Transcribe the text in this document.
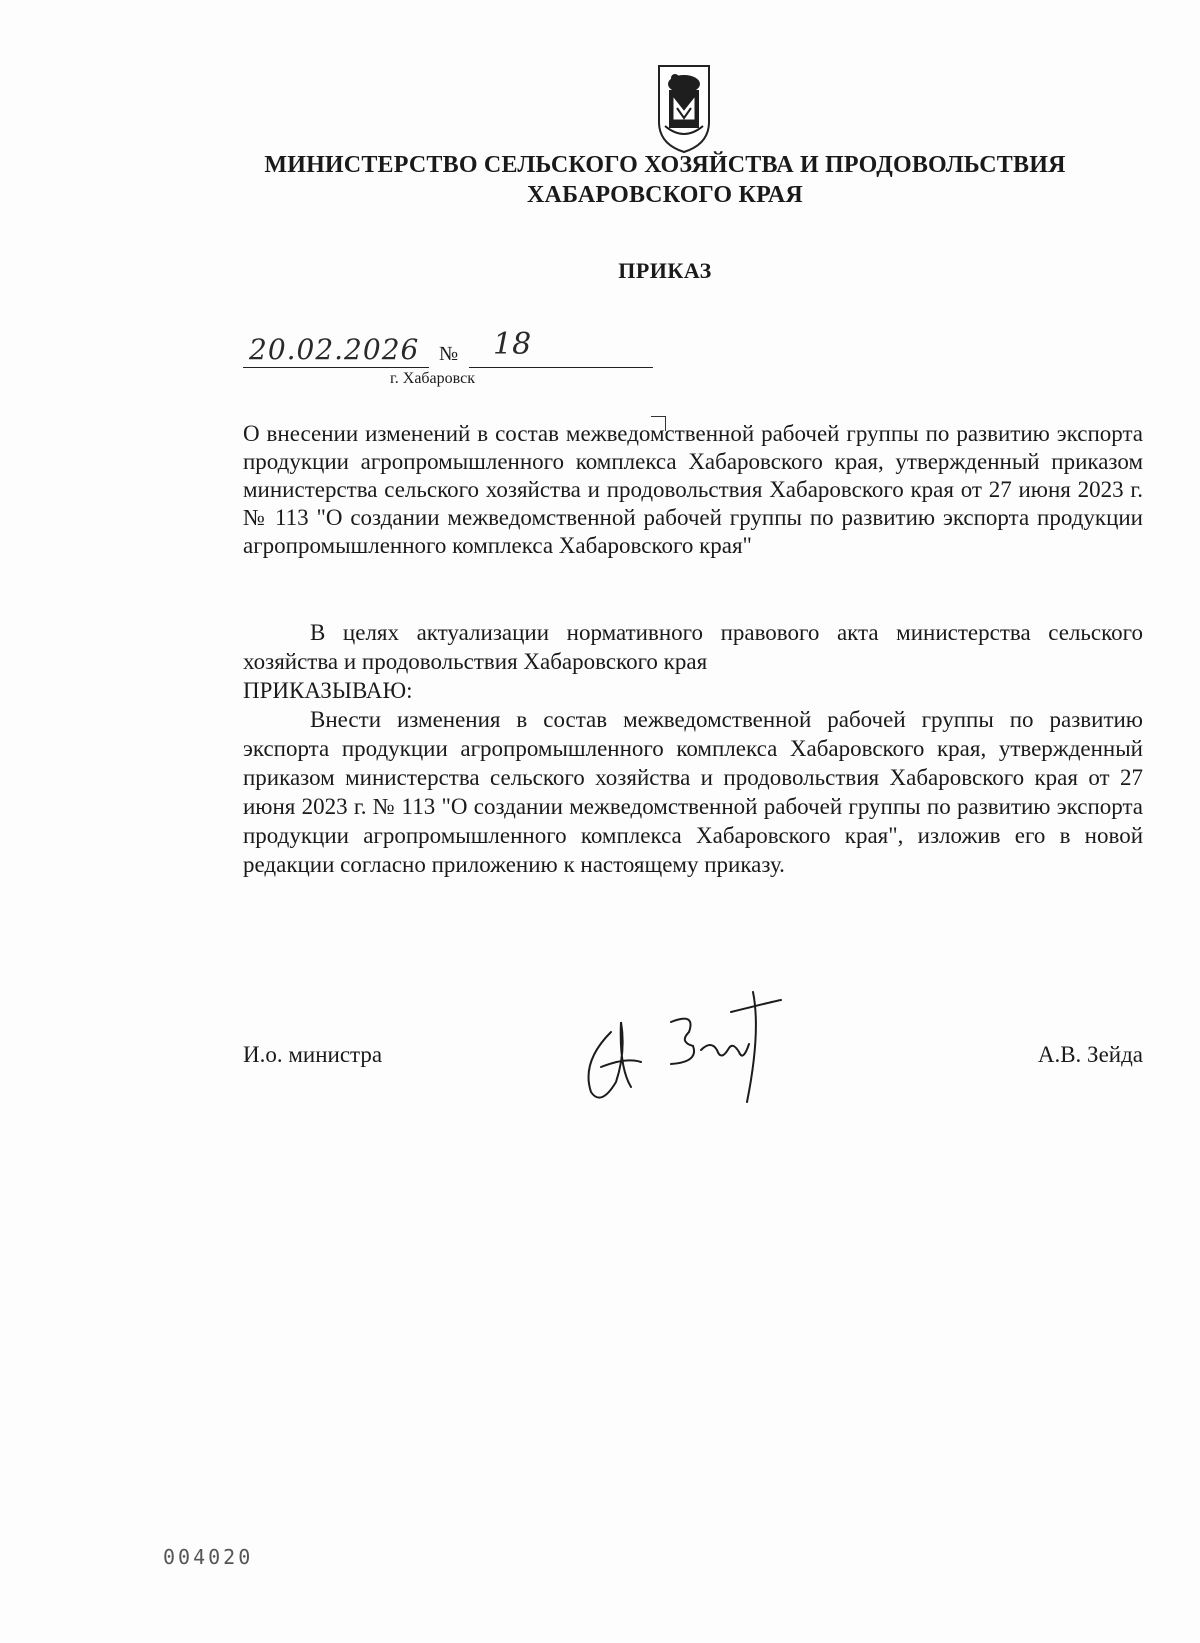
МИНИСТЕРСТВО СЕЛЬСКОГО ХОЗЯЙСТВА И ПРОДОВОЛЬСТВИЯ
ХАБАРОВСКОГО КРАЯ
ПРИКАЗ
20.02.2026 № 18
г. Хабаровск
О внесении изменений в состав межведомственной рабочей группы по развитию экспорта продукции агропромышленного комплекса Хабаровского края, утвержденный приказом министерства сельского хозяйства и продовольствия Хабаровского края от 27 июня 2023 г. № 113 "О создании межведомственной рабочей группы по развитию экспорта продукции агропромышленного комплекса Хабаровского края"

В целях актуализации нормативного правового акта министерства сельского хозяйства и продовольствия Хабаровского края

ПРИКАЗЫВАЮ:

Внести изменения в состав межведомственной рабочей группы по развитию экспорта продукции агропромышленного комплекса Хабаровского края, утвержденный приказом министерства сельского хозяйства и продовольствия Хабаровского края от 27 июня 2023 г. № 113 "О создании межведомственной рабочей группы по развитию экспорта продукции агропромышленного комплекса Хабаровского края", изложив его в новой редакции согласно приложению к настоящему приказу.

И.о. министра	А.В. Зейда
004020
